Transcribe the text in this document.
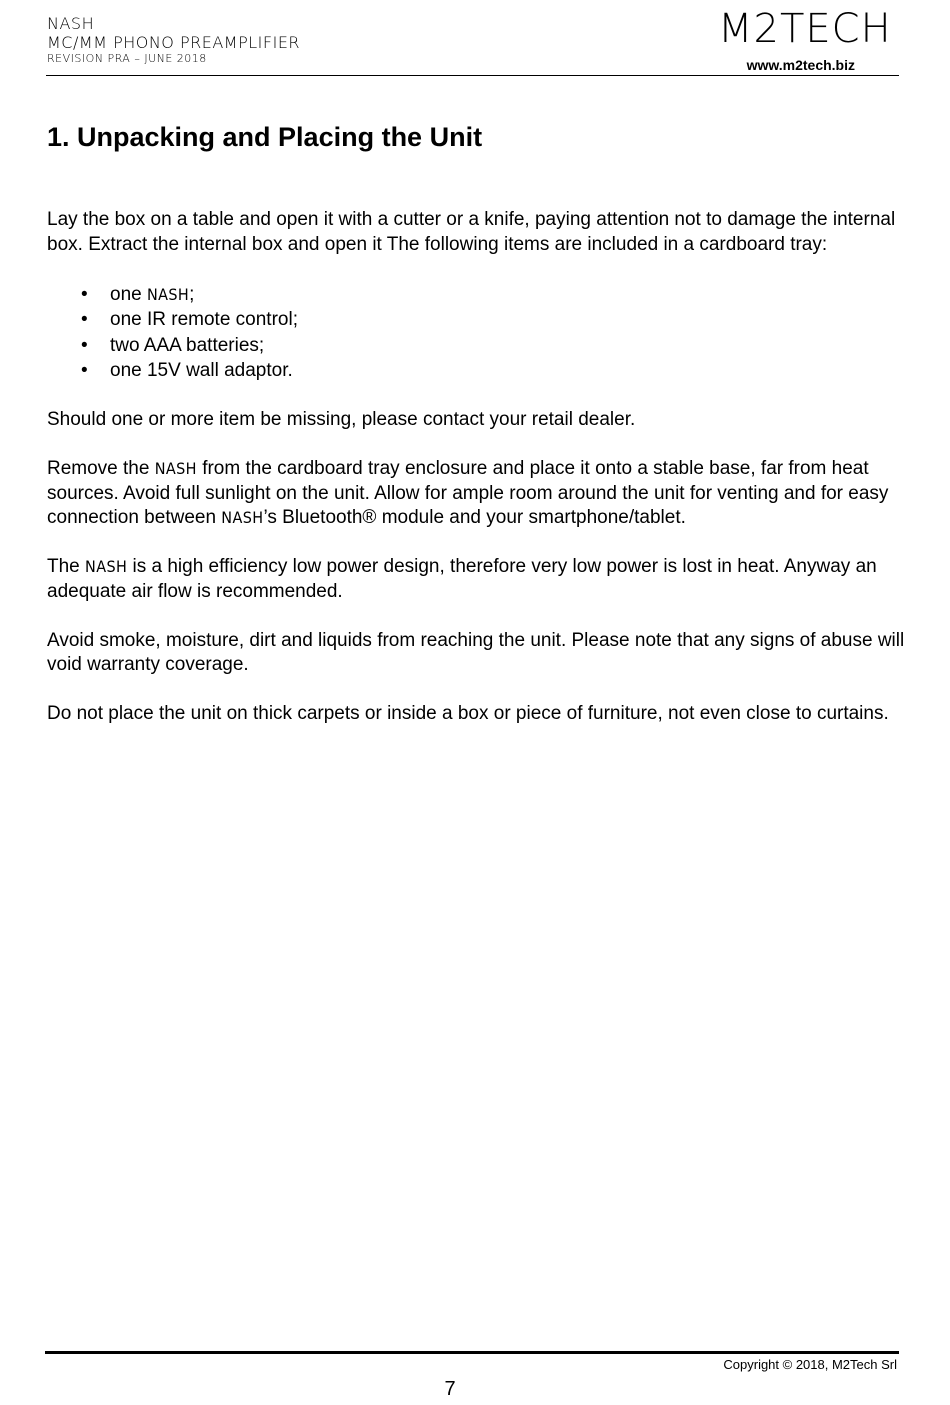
NASH
MC/MM PHONO PREAMPLIFIER
REVISION PRA – JUNE 2018
M2TECH
www.m2tech.biz
1. Unpacking and Placing the Unit

Lay the box on a table and open it with a cutter or a knife, paying attention not to damage the internal box. Extract the internal box and open it The following items are included in a cardboard tray:

• one NASH;
• one IR remote control;
• two AAA batteries;
• one 15V wall adaptor.

Should one or more item be missing, please contact your retail dealer.

Remove the NASH from the cardboard tray enclosure and place it onto a stable base, far from heat sources. Avoid full sunlight on the unit. Allow for ample room around the unit for venting and for easy connection between NASH’s Bluetooth® module and your smartphone/tablet.

The NASH is a high efficiency low power design, therefore very low power is lost in heat. Anyway an adequate air flow is recommended.

Avoid smoke, moisture, dirt and liquids from reaching the unit. Please note that any signs of abuse will void warranty coverage.

Do not place the unit on thick carpets or inside a box or piece of furniture, not even close to curtains.

Copyright © 2018, M2Tech Srl
7
